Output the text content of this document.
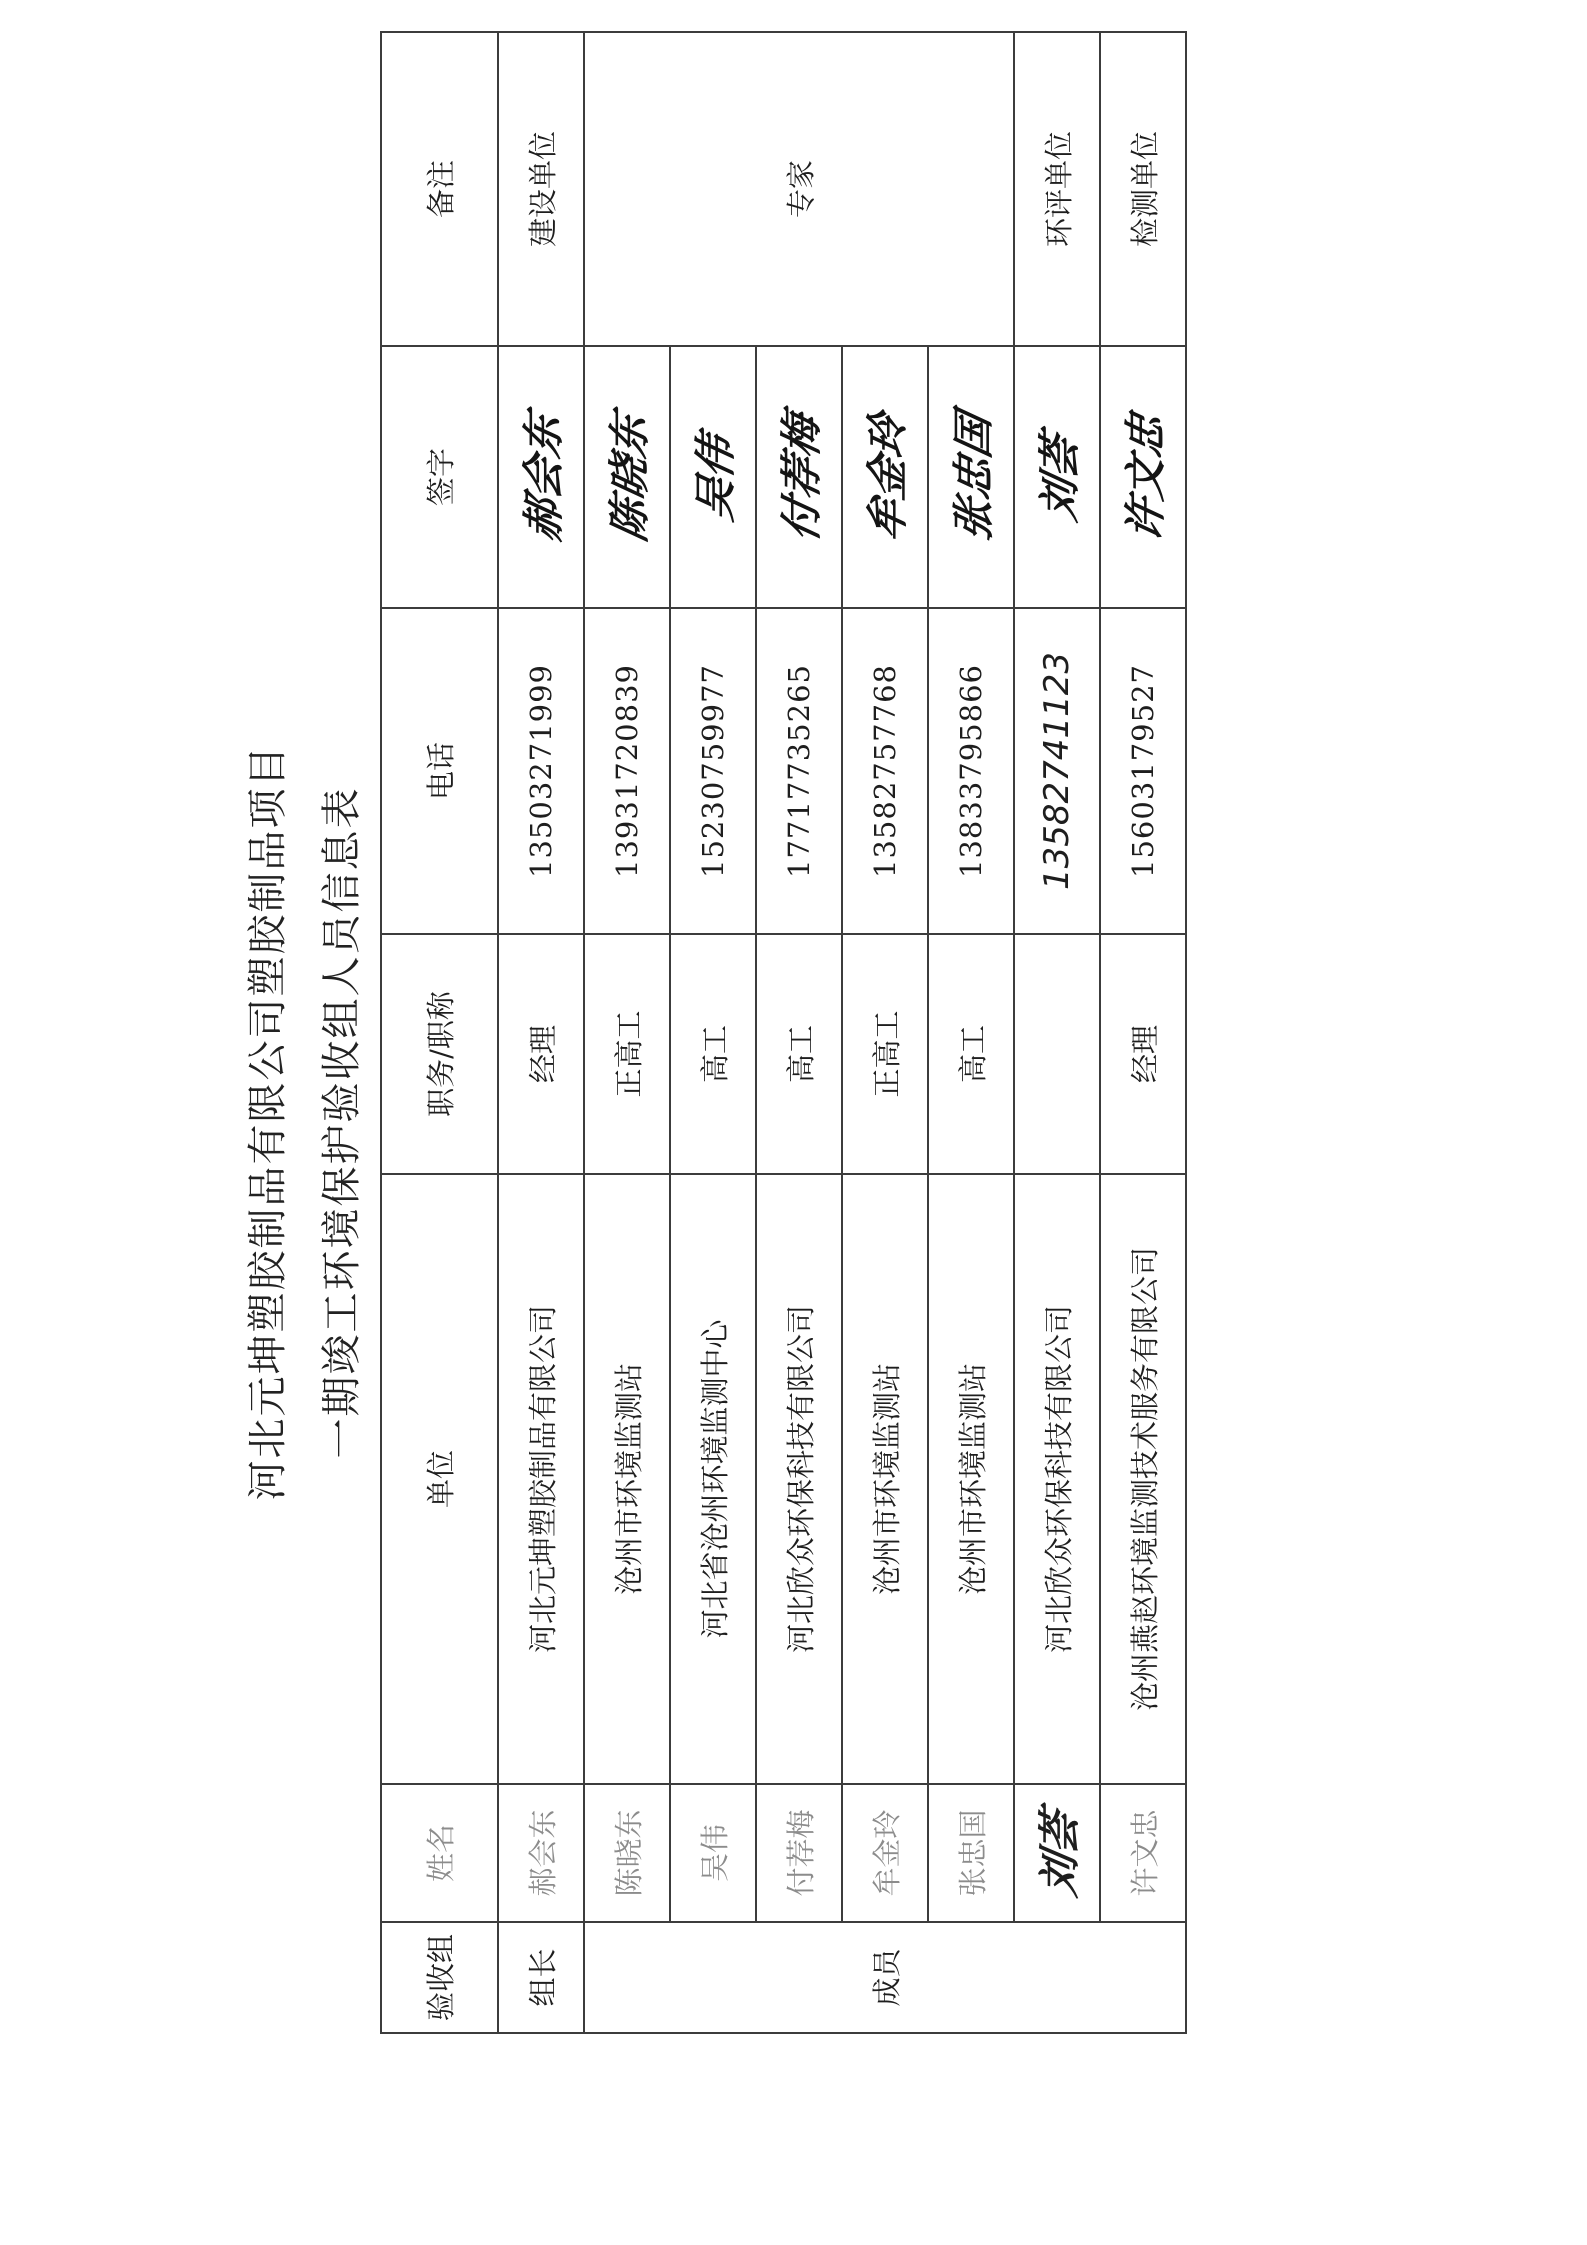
河北元坤塑胶制品有限公司塑胶制品项目 一期竣工环境保护验收组人员信息表
验收组	姓名	单位	职务/职称	电话	签字	备注
组长	郝会东	河北元坤塑胶制品有限公司	经理	13503271999	郝会东	建设单位
成员	陈晓东	沧州市环境监测站	正高工	13931720839	陈晓东	专家
	吴伟	河北省沧州环境监测中心	高工	15230759977	吴伟	
	付荐梅	河北欣众环保科技有限公司	高工	17717735265	付荐梅	
	牟金玲	沧州市环境监测站	正高工	13582757768	牟金玲	
	张忠国	沧州市环境监测站	高工	13833795866	张忠国	
	刘荟	河北欣众环保科技有限公司		13582741123	刘荟	环评单位
	许文忠	沧州燕赵环境监测技术服务有限公司	经理	15603179527	许文忠	检测单位
